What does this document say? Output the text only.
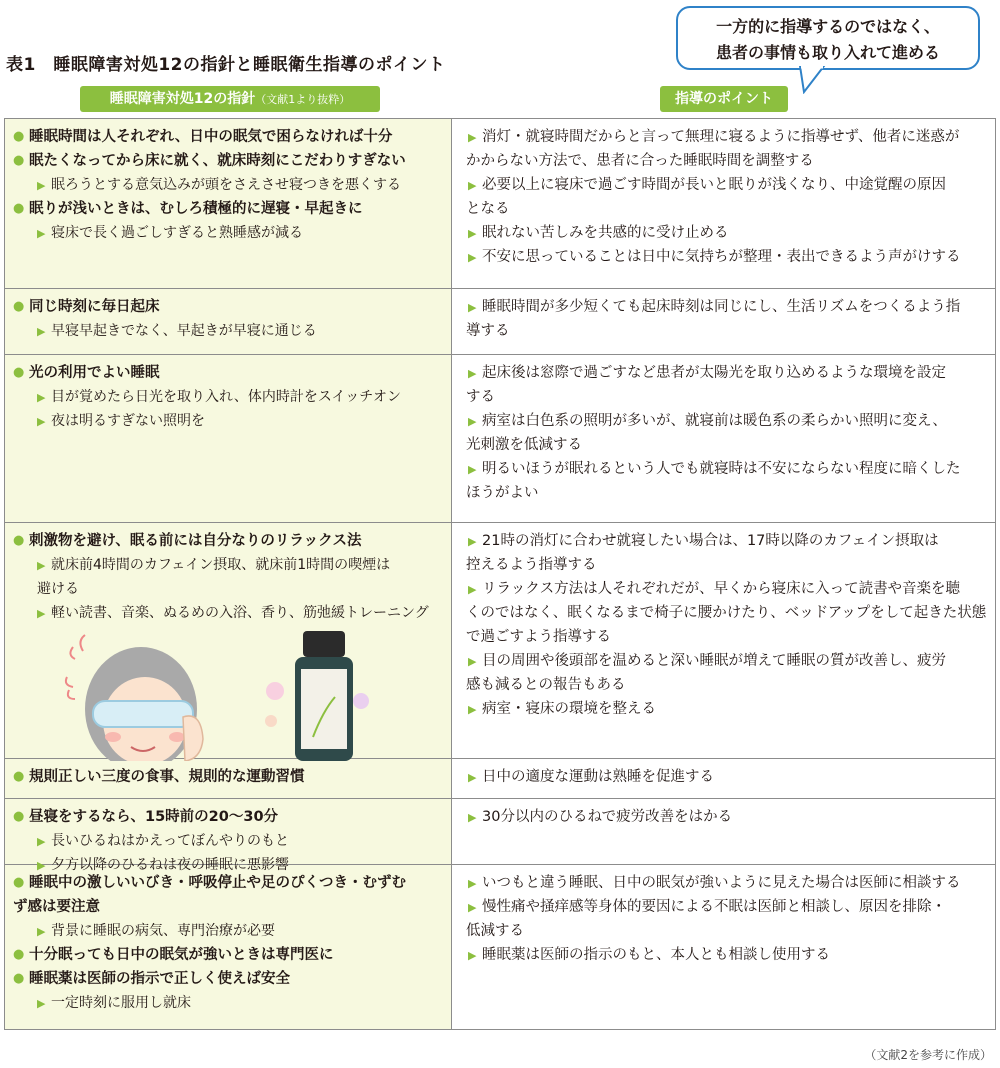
表1　睡眠障害対処12の指針と睡眠衛生指導のポイント
一方的に指導するのではなく、
患者の事情も取り入れて進める
睡眠障害対処12の指針（文献1より抜粋）	指導のポイント
● 睡眠時間は人それぞれ、日中の眠気で困らなければ十分
● 眠たくなってから床に就く、就床時刻にこだわりすぎない
▶ 眠ろうとする意気込みが頭をさえさせ寝つきを悪くする
● 眠りが浅いときは、むしろ積極的に遅寝・早起きに
▶ 寝床で長く過ごしすぎると熟睡感が減る
▶ 消灯・就寝時間だからと言って無理に寝るように指導せず、他者に迷惑が
かからない方法で、患者に合った睡眠時間を調整する
▶ 必要以上に寝床で過ごす時間が長いと眠りが浅くなり、中途覚醒の原因
となる
▶ 眠れない苦しみを共感的に受け止める
▶ 不安に思っていることは日中に気持ちが整理・表出できるよう声がけする
● 同じ時刻に毎日起床
▶ 早寝早起きでなく、早起きが早寝に通じる
▶ 睡眠時間が多少短くても起床時刻は同じにし、生活リズムをつくるよう指
導する
● 光の利用でよい睡眠
▶ 目が覚めたら日光を取り入れ、体内時計をスイッチオン
▶ 夜は明るすぎない照明を
▶ 起床後は窓際で過ごすなど患者が太陽光を取り込めるような環境を設定
する
▶ 病室は白色系の照明が多いが、就寝前は暖色系の柔らかい照明に変え、
光刺激を低減する
▶ 明るいほうが眠れるという人でも就寝時は不安にならない程度に暗くした
ほうがよい
● 刺激物を避け、眠る前には自分なりのリラックス法
▶ 就床前4時間のカフェイン摂取、就床前1時間の喫煙は
避ける
▶ 軽い読書、音楽、ぬるめの入浴、香り、筋弛緩トレーニング
▶ 21時の消灯に合わせ就寝したい場合は、17時以降のカフェイン摂取は
控えるよう指導する
▶ リラックス方法は人それぞれだが、早くから寝床に入って読書や音楽を聴
くのではなく、眠くなるまで椅子に腰かけたり、ベッドアップをして起きた状態
で過ごすよう指導する
▶ 目の周囲や後頭部を温めると深い睡眠が増えて睡眠の質が改善し、疲労
感も減るとの報告もある
▶ 病室・寝床の環境を整える
● 規則正しい三度の食事、規則的な運動習慣
▶	日中の適度な運動は熟睡を促進する
● 昼寝をするなら、15時前の20〜30分
▶ 長いひるねはかえってぼんやりのもと
▶ 夕方以降のひるねは夜の睡眠に悪影響
▶ 30分以内のひるねで疲労改善をはかる
● 睡眠中の激しいいびき・呼吸停止や足のぴくつき・むずむ
ず感は要注意
▶ 背景に睡眠の病気、専門治療が必要
● 十分眠っても日中の眠気が強いときは専門医に
● 睡眠薬は医師の指示で正しく使えば安全
▶ 一定時刻に服用し就床
▶ いつもと違う睡眠、日中の眠気が強いように見えた場合は医師に相談する
▶ 慢性痛や掻痒感等身体的要因による不眠は医師と相談し、原因を排除・
低減する
▶ 睡眠薬は医師の指示のもと、本人とも相談し使用する
（文献2を参考に作成）
